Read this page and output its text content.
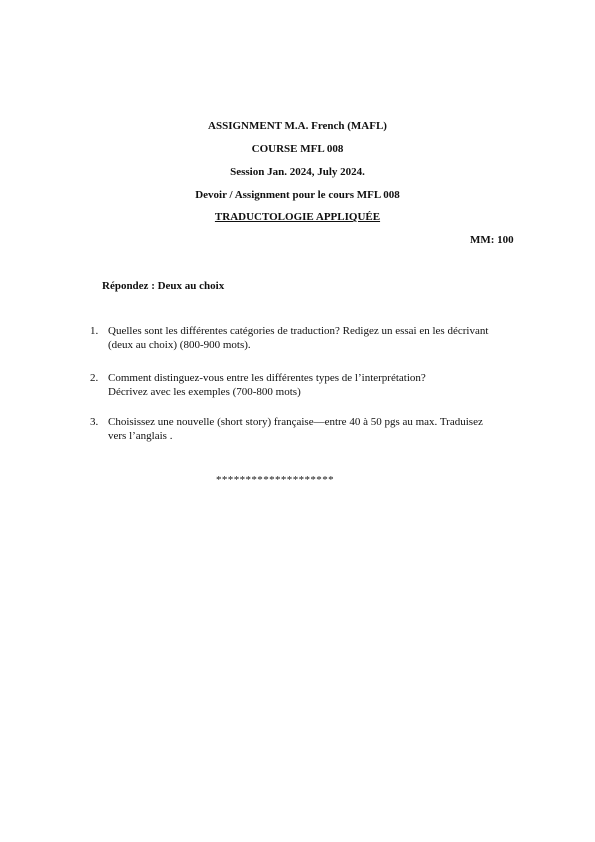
ASSIGNMENT M.A. French (MAFL)

COURSE MFL 008

Session Jan. 2024, July 2024.

Devoir / Assignment pour le cours MFL 008

TRADUCTOLOGIE APPLIQUÉE

MM: 100
Répondez : Deux au choix
1. Quelles sont les différentes catégories de traduction? Redigez un essai en les décrivant
(deux au choix) (800-900 mots).
2. Comment distinguez-vous entre les différentes types de l’interprétation?
Décrivez avec les exemples (700-800 mots)
3. Choisissez une nouvelle (short story) française—entre 40 à 50 pgs au max. Traduisez
vers l’anglais .
********************
